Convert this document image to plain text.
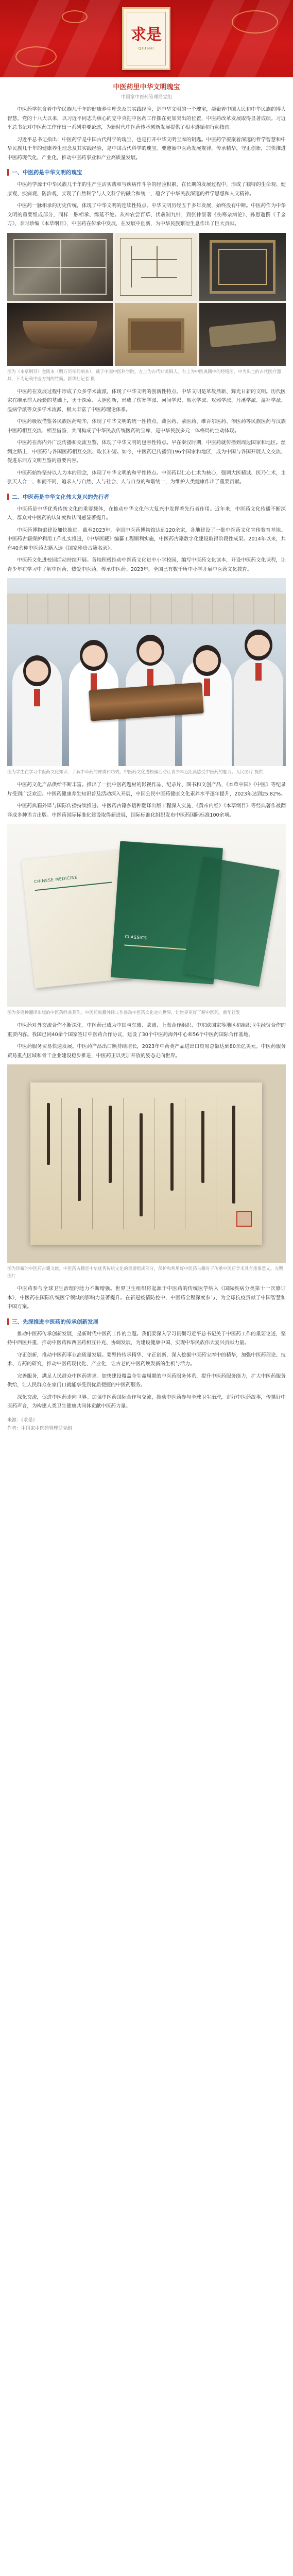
求是
QIUSHI
中医药里中华文明瑰宝
中国家中医药管理局党组

中医药学包含着中华民族几千年的健康养生理念及其实践经验，是中华文明的一个瑰宝，凝聚着中国人民和中华民族的博大智慧。党的十八大以来，以习近平同志为核心的党中央把中医药工作摆在更加突出的位置，中医药改革发展取得显著成绩。习近平总书记对中医药工作作出一系列重要论述，为新时代中医药传承创新发展提供了根本遵循和行动指南。

习近平总书记指出：中医药学是中国古代科学的瑰宝，也是打开中华文明宝库的钥匙。中医药学凝聚着深邃的哲学智慧和中华民族几千年的健康养生理念及其实践经验，是中国古代科学的瑰宝。要遵循中医药发展规律，传承精华，守正创新，加快推进中医药现代化、产业化，推动中医药事业和产业高质量发展。

一、中医药是中华文明的瑰宝

中医药学源于中华民族几千年的生产生活实践和与疾病作斗争的经验积累，在长期的发展过程中，形成了独特的生命观、健康观、疾病观、防治观，实现了自然科学与人文科学的融合和统一，蕴含了中华民族深邃的哲学思想和人文精神。

中医药一脉相承的历史传统，体现了中华文明的连续性特点。中华文明历经五千多年发展，始终没有中断。中医药作为中华文明的重要组成部分，同样一脉相承、绵延不绝。从神农尝百草、伏羲制九针，到张仲景著《伤寒杂病论》、孙思邈撰《千金方》、李时珍编《本草纲目》，中医药在传承中发展，在发展中创新，为中华民族繁衍生息作出了巨大贡献。

图为《本草纲目》金陵本（明万历年间刻本），藏于中国中医科学院。左上为古代针灸铜人，右上为中医典籍中的经络图，中为出土的古代医疗器具，下为记载中医方剂的竹简。新华社记者 摄

中医药在发展过程中形成了众多学术流派，体现了中华文明的创新性特点。中华文明是革故鼎新、辉光日新的文明。历代医家在继承前人经验的基础上，勇于探索、大胆创新，形成了伤寒学派、河间学派、易水学派、攻邪学派、丹溪学派、温补学派、温病学派等众多学术流派，极大丰富了中医药理论体系。

中医药吸收借鉴各民族医药精华，体现了中华文明的统一性特点。藏医药、蒙医药、维吾尔医药、傣医药等民族医药与汉族中医药相互交流、相互借鉴，共同构成了中华民族传统医药的宝库，是中华民族多元一体格局的生动体现。

中医药在海内外广泛传播和交流互鉴，体现了中华文明的包容性特点。早在秦汉时期，中医药就传播到周边国家和地区。丝绸之路上，中医药与各国医药相互交流、取长补短。如今，中医药已传播到196个国家和地区，成为中国与各国开展人文交流、促进东西方文明互鉴的重要内容。

中医药始终坚持以人为本的理念，体现了中华文明的和平性特点。中医药以仁心仁术为核心，强调大医精诚、医乃仁术，主张天人合一、和而不同，追求人与自然、人与社会、人与自身的和谐统一，为维护人类健康作出了重要贡献。

二、中医药是中华文化伟大复兴的先行者

中医药是中华优秀传统文化的重要载体，在推动中华文化伟大复兴中发挥着先行者作用。近年来，中医药文化传播不断深入，群众对中医药的认知度和认同感显著提升。

中医药博物馆建设加快推进。截至2023年，全国中医药博物馆达到120余家，各地建设了一批中医药文化宣传教育基地。中医药古籍保护利用工作扎实推进，《中华医藏》编纂工程顺利实施，中医药古籍数字化建设取得阶段性成果。2014年以来，共有40余种中医药古籍入选《国家珍贵古籍名录》。

中医药文化进校园活动持续开展。各地积极推动中医药文化进中小学校园，编写中医药文化读本，开设中医药文化课程，让青少年在学习中了解中医药、热爱中医药、传承中医药。2023年，全国已有数千所中小学开展中医药文化教育。

图为学生在学习中医药文化知识，了解中草药的种类和功效。中医药文化进校园活动让青少年近距离感受中医药的魅力。人民图片 提供

中医药文化产品供给不断丰富。推出了一批中医药题材的影视作品、纪录片、图书和文创产品，《本草中国》《中医》等纪录片受到广泛欢迎。中医药健康养生知识普及活动深入开展，中国公民中医药健康文化素养水平逐年提升，2023年达到25.82%。

中医药典籍外译与国际传播持续推进。中医药古籍多语种翻译出版工程深入实施，《黄帝内经》《本草纲目》等经典著作被翻译成多种语言出版。中医药国际标准化建设取得新进展，国际标准化组织发布中医药国际标准100余项。

CHINESE MEDICINE
CLASSICS
图为多语种翻译出版的中医药经典著作。中医药典籍外译工作推动中医药文化走向世界，让世界更好了解中医药。新华社发

中医药对外交流合作不断深化。中医药已成为中国与东盟、欧盟、上海合作组织、中东欧国家等地区和组织卫生经贸合作的重要内容。我国已同40余个国家签订中医药合作协议，建设了30个中医药海外中心和56个中医药国际合作基地。

中医药服务贸易快速发展。中医药产品出口额持续增长，2023年中药类产品进出口贸易总额达到80余亿美元。中医药服务贸易重点区域和骨干企业建设稳步推进，中医药正以更加开放的姿态走向世界。

图为珍藏的中医药古籍文献。中医药古籍是中华优秀传统文化的重要组成部分，保护和利用好中医药古籍对于传承中医药学术具有重要意义。光明图片

中医药参与全球卫生治理的能力不断增强。世界卫生组织将起源于中医药的传统医学纳入《国际疾病分类第十一次修订本》，中医药在国际传统医学领域的影响力显著提升。在新冠疫情防控中，中医药全程深度参与，为全球抗疫贡献了中国智慧和中国方案。

三、先深推进中医药的传承创新发展

推动中医药传承创新发展，是新时代中医药工作的主题。我们要深入学习贯彻习近平总书记关于中医药工作的重要论述，坚持中西医并重，推动中医药和西医药相互补充、协调发展，为建设健康中国、实现中华民族伟大复兴贡献力量。

守正创新，推动中医药事业高质量发展。要坚持传承精华、守正创新，深入挖掘中医药宝库中的精华，加强中医药理论、技术、方药的研究，推动中医药现代化、产业化，让古老的中医药焕发新的生机与活力。

完善服务，满足人民群众中医药需求。加快建设覆盖全生命周期的中医药服务体系，提升中医药服务能力，扩大中医药服务供给，让人民群众在家门口就能享受到优质便捷的中医药服务。

深化交流，促进中医药走向世界。加强中医药国际合作与交流，推动中医药参与全球卫生治理，讲好中医药故事，传播好中医药声音，为构建人类卫生健康共同体贡献中医药力量。

来源：《求是》
作者：中国家中医药管理局党组
